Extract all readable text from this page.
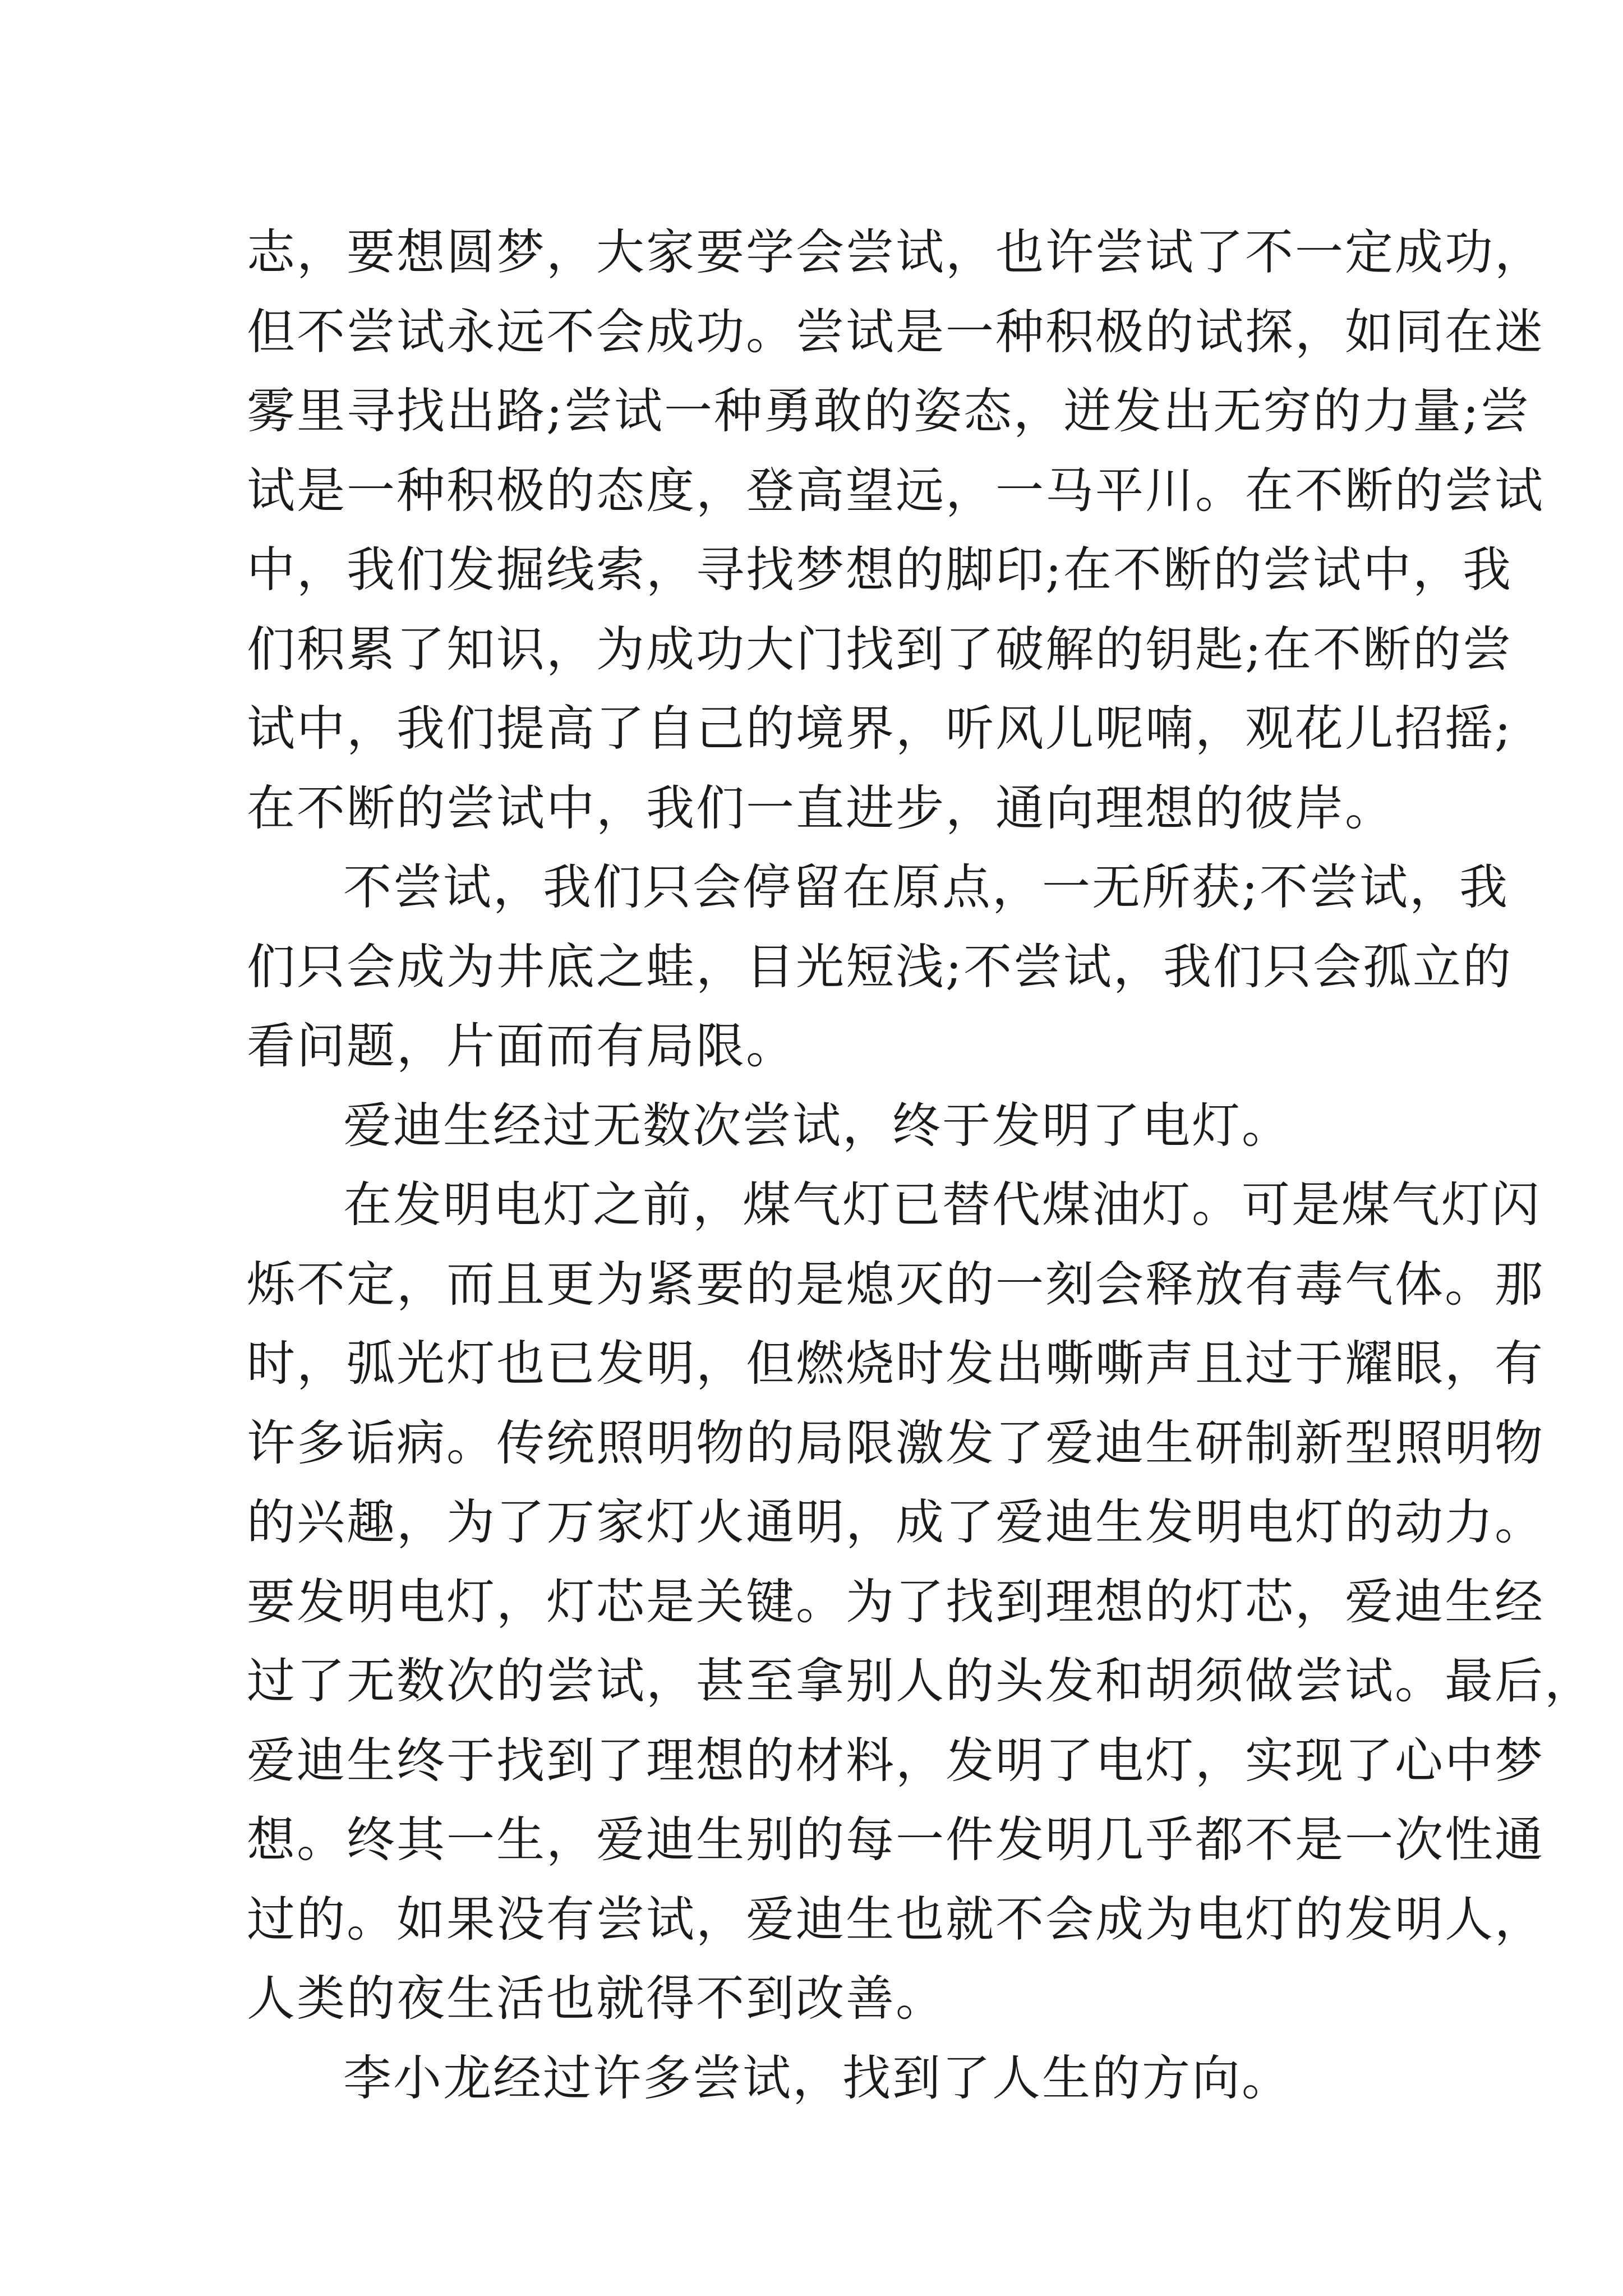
志，要想圆梦，大家要学会尝试，也许尝试了不一定成功，
但不尝试永远不会成功。尝试是一种积极的试探，如同在迷
雾里寻找出路;尝试一种勇敢的姿态，迸发出无穷的力量;尝
试是一种积极的态度，登高望远，一马平川。在不断的尝试
中，我们发掘线索，寻找梦想的脚印;在不断的尝试中，我
们积累了知识，为成功大门找到了破解的钥匙;在不断的尝
试中，我们提高了自己的境界，听风儿呢喃，观花儿招摇;
在不断的尝试中，我们一直进步，通向理想的彼岸。

不尝试，我们只会停留在原点，一无所获;不尝试，我
们只会成为井底之蛙，目光短浅;不尝试，我们只会孤立的
看问题，片面而有局限。

爱迪生经过无数次尝试，终于发明了电灯。

在发明电灯之前，煤气灯已替代煤油灯。可是煤气灯闪
烁不定，而且更为紧要的是熄灭的一刻会释放有毒气体。那
时，弧光灯也已发明，但燃烧时发出嘶嘶声且过于耀眼，有
许多诟病。传统照明物的局限激发了爱迪生研制新型照明物
的兴趣，为了万家灯火通明，成了爱迪生发明电灯的动力。
要发明电灯，灯芯是关键。为了找到理想的灯芯，爱迪生经
过了无数次的尝试，甚至拿别人的头发和胡须做尝试。最后，
爱迪生终于找到了理想的材料，发明了电灯，实现了心中梦
想。终其一生，爱迪生别的每一件发明几乎都不是一次性通
过的。如果没有尝试，爱迪生也就不会成为电灯的发明人，
人类的夜生活也就得不到改善。

李小龙经过许多尝试，找到了人生的方向。
